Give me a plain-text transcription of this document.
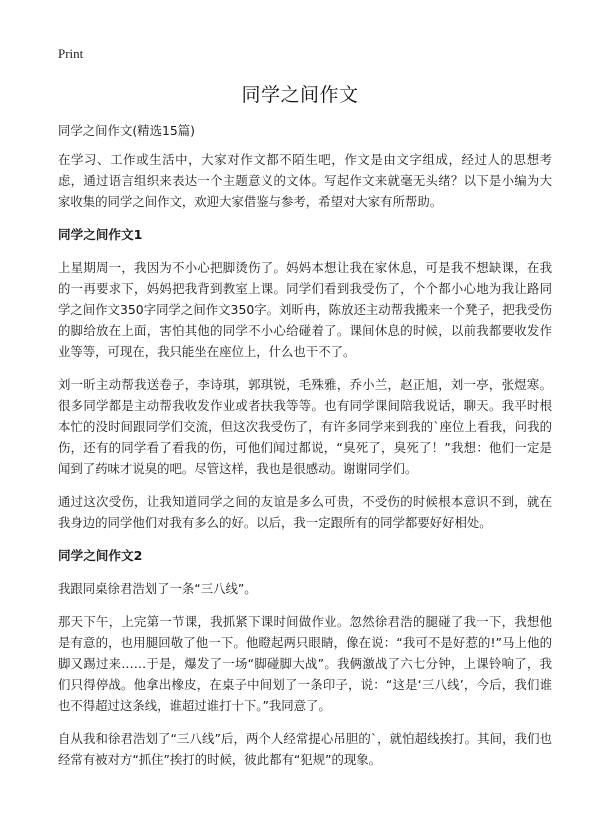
Print
同学之间作文

同学之间作文(精选15篇)

在学习、工作或生活中，大家对作文都不陌生吧，作文是由文字组成，经过人的思想考虑，通过语言组织来表达一个主题意义的文体。写起作文来就毫无头绪？以下是小编为大家收集的同学之间作文，欢迎大家借鉴与参考，希望对大家有所帮助。

同学之间作文1

上星期周一，我因为不小心把脚烫伤了。妈妈本想让我在家休息，可是我不想缺课，在我的一再要求下，妈妈把我背到教室上课。同学们看到我受伤了，个个都小心地为我让路同学之间作文350字同学之间作文350字。刘昕冉，陈放还主动帮我搬来一个凳子，把我受伤的脚给放在上面，害怕其他的同学不小心给碰着了。课间休息的时候，以前我都要收发作业等等，可现在，我只能坐在座位上，什么也干不了。

刘一昕主动帮我送卷子，李诗琪，郭琪锐，毛殊雅，乔小兰，赵正旭，刘一亭，张煜寒。很多同学都是主动帮我收发作业或者扶我等等。也有同学课间陪我说话，聊天。我平时根本忙的没时间跟同学们交流，但这次我受伤了，有许多同学来到我的`座位上看我，问我的伤，还有的同学看了看我的伤，可他们闻过都说，“臭死了，臭死了！”我想：他们一定是闻到了药味才说臭的吧。尽管这样，我也是很感动。谢谢同学们。

通过这次受伤，让我知道同学之间的友谊是多么可贵，不受伤的时候根本意识不到，就在我身边的同学他们对我有多么的好。以后，我一定跟所有的同学都要好好相处。

同学之间作文2

我跟同桌徐君浩划了一条“三八线”。

那天下午，上完第一节课，我抓紧下课时间做作业。忽然徐君浩的腿碰了我一下，我想他是有意的，也用腿回敬了他一下。他瞪起两只眼睛，像在说：“我可不是好惹的!”马上他的脚又踢过来……于是，爆发了一场“脚碰脚大战”。我俩激战了六七分钟，上课铃响了，我们只得停战。他拿出橡皮，在桌子中间划了一条印子，说：“这是‘三八线’，今后，我们谁也不得超过这条线，谁超过谁打十下。”我同意了。

自从我和徐君浩划了“三八线”后，两个人经常提心吊胆的`，就怕超线挨打。其间，我们也经常有被对方“抓住”挨打的时候，彼此都有“犯规”的现象。
